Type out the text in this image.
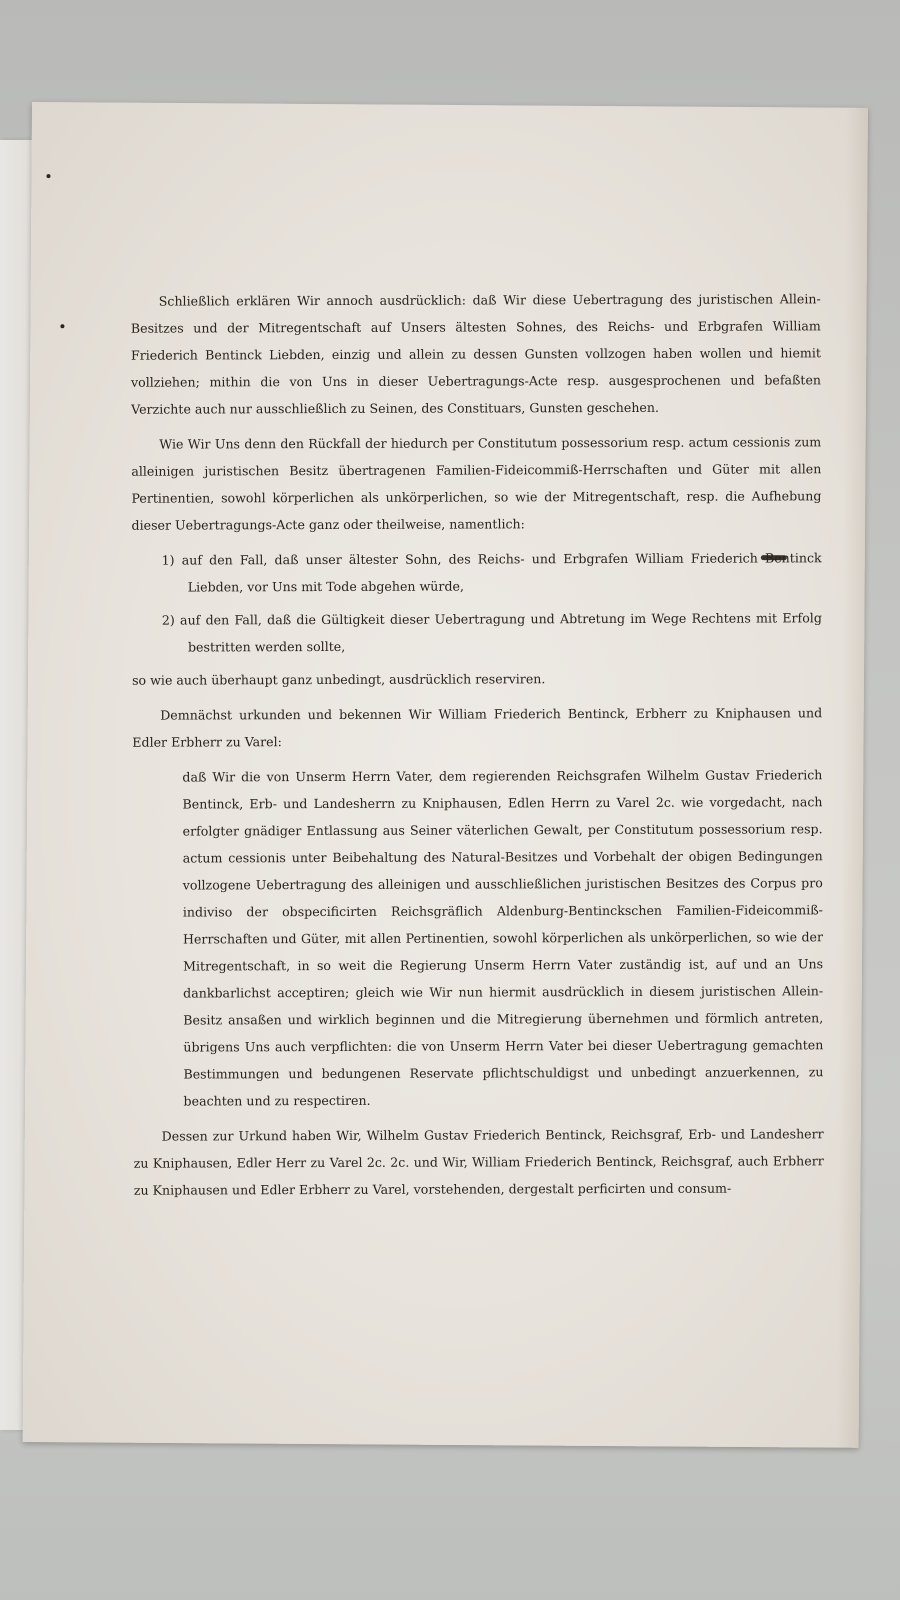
Schließlich erklären Wir annoch ausdrücklich: daß Wir diese Uebertragung des juristischen Allein-Besitzes und der Mitregentschaft auf Unsers ältesten Sohnes, des Reichs- und Erbgrafen William Friederich Bentinck Liebden, einzig und allein zu dessen Gunsten vollzogen haben wollen und hiemit vollziehen; mithin die von Uns in dieser Uebertragungs-Acte resp. ausgesprochenen und befaßten Verzichte auch nur ausschließlich zu Seinen, des Constituars, Gunsten geschehen.

Wie Wir Uns denn den Rückfall der hiedurch per Constitutum possessorium resp. actum cessionis zum alleinigen juristischen Besitz übertragenen Familien-Fideicommiß-Herrschaften und Güter mit allen Pertinentien, sowohl körperlichen als unkörperlichen, so wie der Mitregentschaft, resp. die Aufhebung dieser Uebertragungs-Acte ganz oder theilweise, namentlich:

1) auf den Fall, daß unser ältester Sohn, des Reichs- und Erbgrafen William Friederich Bentinck Liebden, vor Uns mit Tode abgehen würde,

2) auf den Fall, daß die Gültigkeit dieser Uebertragung und Abtretung im Wege Rechtens mit Erfolg bestritten werden sollte,

so wie auch überhaupt ganz unbedingt, ausdrücklich reserviren.

Demnächst urkunden und bekennen Wir William Friederich Bentinck, Erbherr zu Kniphausen und Edler Erbherr zu Varel:

daß Wir die von Unserm Herrn Vater, dem regierenden Reichsgrafen Wilhelm Gustav Friederich Bentinck, Erb- und Landesherrn zu Kniphausen, Edlen Herrn zu Varel 2c. wie vorgedacht, nach erfolgter gnädiger Entlassung aus Seiner väterlichen Gewalt, per Constitutum possessorium resp. actum cessionis unter Beibehaltung des Natural-Besitzes und Vorbehalt der obigen Bedingungen vollzogene Uebertragung des alleinigen und ausschließlichen juristischen Besitzes des Corpus pro indiviso der obspecificirten Reichsgräflich Aldenburg-Bentinckschen Familien-Fideicommiß-Herrschaften und Güter, mit allen Pertinentien, sowohl körperlichen als unkörperlichen, so wie der Mitregentschaft, in so weit die Regierung Unserm Herrn Vater zuständig ist, auf und an Uns dankbarlichst acceptiren; gleich wie Wir nun hiermit ausdrücklich in diesem juristischen Allein-Besitz ansaßen und wirklich beginnen und die Mitregierung übernehmen und förmlich antreten, übrigens Uns auch verpflichten: die von Unserm Herrn Vater bei dieser Uebertragung gemachten Bestimmungen und bedungenen Reservate pflichtschuldigst und unbedingt anzuerkennen, zu beachten und zu respectiren.

Dessen zur Urkund haben Wir, Wilhelm Gustav Friederich Bentinck, Reichsgraf, Erb- und Landesherr zu Kniphausen, Edler Herr zu Varel 2c. 2c. und Wir, William Friederich Bentinck, Reichsgraf, auch Erbherr zu Kniphausen und Edler Erbherr zu Varel, vorstehenden, dergestalt perficirten und consum-
